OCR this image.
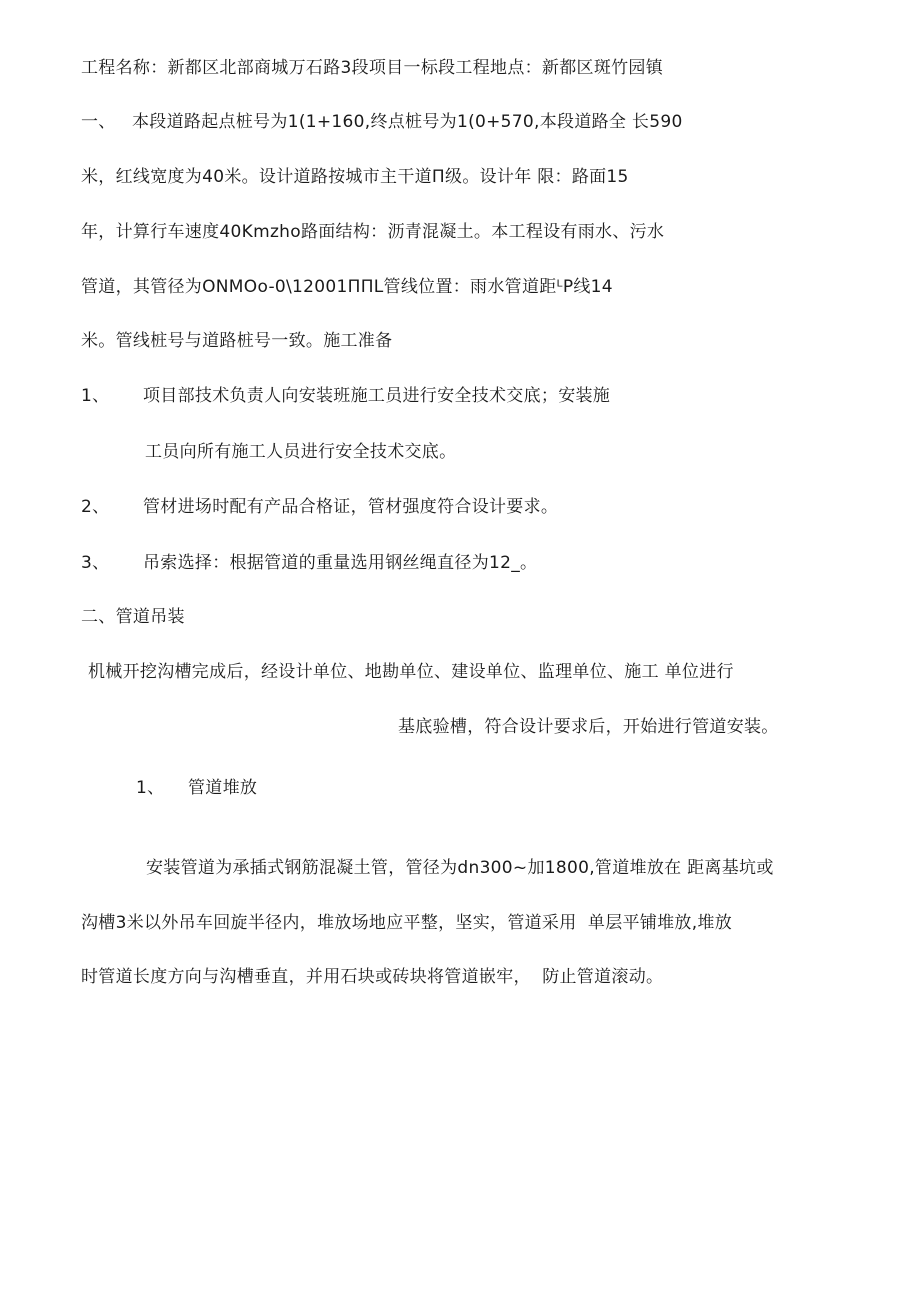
工程名称：新都区北部商城万石路3段项目一标段工程地点：新都区斑竹园镇
一、 本段道路起点桩号为1(1+160,终点桩号为1(0+570,本段道路全 长590
米，红线宽度为40米。设计道路按城市主干道Π级。设计年 限：路面15
年，计算行车速度40Kmzho路面结构：沥青混凝土。本工程设有雨水、污水
管道，其管径为ONMOo-0\12001ΠΠL管线位置：雨水管道距ᴸP线14
米。管线桩号与道路桩号一致。施工准备
1、 项目部技术负责人向安装班施工员进行安全技术交底；安装施
工员向所有施工人员进行安全技术交底。
2、 管材进场时配有产品合格证，管材强度符合设计要求。
3、 吊索选择：根据管道的重量选用钢丝绳直径为12_。
二、管道吊装
机械开挖沟槽完成后，经设计单位、地勘单位、建设单位、监理单位、施工 单位进行
基底验槽，符合设计要求后，开始进行管道安装。
1、 管道堆放
安装管道为承插式钢筋混凝土管，管径为dn300~加1800,管道堆放在 距离基坑或
沟槽3米以外吊车回旋半径内，堆放场地应平整，坚实，管道采用  单层平铺堆放,堆放
时管道长度方向与沟槽垂直，并用石块或砖块将管道嵌牢，  防止管道滚动。
